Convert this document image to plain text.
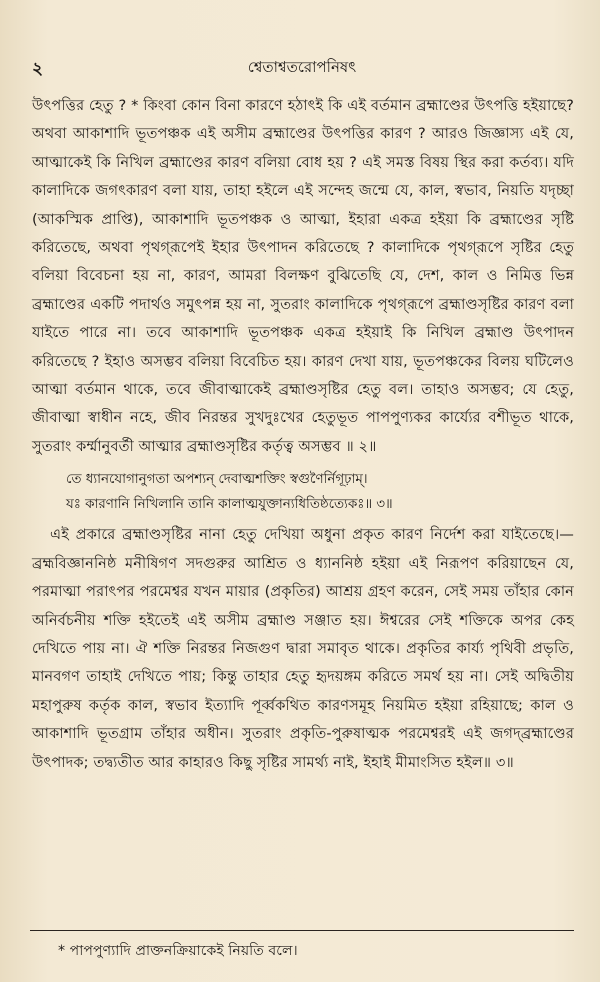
২	শ্বেতাশ্বতরোপনিষৎ

উৎপত্তির হেতু ? * কিংবা কোন বিনা কারণে হঠাৎই কি এই বর্তমান ব্রহ্মাণ্ডের উৎপত্তি হইয়াছে? অথবা আকাশাদি ভূতপঞ্চক এই অসীম ব্রহ্মাণ্ডের উৎপত্তির কারণ ? আরও জিজ্ঞাস্য এই যে, আত্মাকেই কি নিখিল ব্রহ্মাণ্ডের কারণ বলিয়া বোধ হয় ? এই সমস্ত বিষয় স্থির করা কর্তব্য। যদি কালাদিকে জগৎকারণ বলা যায়, তাহা হইলে এই সন্দেহ জন্মে যে, কাল, স্বভাব, নিয়তি যদৃচ্ছা (আকস্মিক প্রাপ্তি), আকাশাদি ভূতপঞ্চক ও আত্মা, ইহারা একত্র হইয়া কি ব্রহ্মাণ্ডের সৃষ্টি করিতেছে, অথবা পৃথগ্‌রূপেই ইহার উৎপাদন করিতেছে ? কালাদিকে পৃথগ্‌রূপে সৃষ্টির হেতু বলিয়া বিবেচনা হয় না, কারণ, আমরা বিলক্ষণ বুঝিতেছি যে, দেশ, কাল ও নিমিত্ত ভিন্ন ব্রহ্মাণ্ডের একটি পদার্থও সমুৎপন্ন হয় না, সুতরাং কালাদিকে পৃথগ্‌রূপে ব্রহ্মাণ্ডসৃষ্টির কারণ বলা যাইতে পারে না। তবে আকাশাদি ভূতপঞ্চক একত্র হইয়াই কি নিখিল ব্রহ্মাণ্ড উৎপাদন করিতেছে ? ইহাও অসম্ভব বলিয়া বিবেচিত হয়। কারণ দেখা যায়, ভূতপঞ্চকের বিলয় ঘটিলেও আত্মা বর্তমান থাকে, তবে জীবাত্মাকেই ব্রহ্মাণ্ডসৃষ্টির হেতু বল। তাহাও অসম্ভব; যে হেতু, জীবাত্মা স্বাধীন নহে, জীব নিরন্তর সুখদুঃখের হেতুভূত পাপপুণ্যকর কার্য্যের বশীভূত থাকে, সুতরাং কর্ম্মানুবর্তী আত্মার ব্রহ্মাণ্ডসৃষ্টির কর্তৃত্ব অসম্ভব ॥ ২॥

তে ধ্যানযোগানুগতা অপশ্যন্ দেবাত্মশক্তিং স্বগুণৈর্নিগূঢ়াম্।
যঃ কারণানি নিখিলানি তানি কালাত্মযুক্তান্যধিতিষ্ঠত্যেকঃ॥ ৩॥

এই প্রকারে ব্রহ্মাণ্ডসৃষ্টির নানা হেতু দেখিয়া অধুনা প্রকৃত কারণ নির্দেশ করা যাইতেছে।—ব্রহ্মবিজ্ঞাননিষ্ঠ মনীষিগণ সদগুরুর আশ্রিত ও ধ্যাননিষ্ঠ হইয়া এই নিরূপণ করিয়াছেন যে, পরমাত্মা পরাৎপর পরমেশ্বর যখন মায়ার (প্রকৃতির) আশ্রয় গ্রহণ করেন, সেই সময় তাঁহার কোন অনির্বচনীয় শক্তি হইতেই এই অসীম ব্রহ্মাণ্ড সঞ্জাত হয়। ঈশ্বরের সেই শক্তিকে অপর কেহ দেখিতে পায় না। ঐ শক্তি নিরন্তর নিজগুণ দ্বারা সমাবৃত থাকে। প্রকৃতির কার্য্য পৃথিবী প্রভৃতি, মানবগণ তাহাই দেখিতে পায়; কিন্তু তাহার হেতু হৃদয়ঙ্গম করিতে সমর্থ হয় না। সেই অদ্বিতীয় মহাপুরুষ কর্তৃক কাল, স্বভাব ইত্যাদি পূর্ব্বকথিত কারণসমূহ নিয়মিত হইয়া রহিয়াছে; কাল ও আকাশাদি ভূতগ্রাম তাঁহার অধীন। সুতরাং প্রকৃতি-পুরুষাত্মক পরমেশ্বরই এই জগদ্‌ব্রহ্মাণ্ডের উৎপাদক; তদ্ব্যতীত আর কাহারও কিছু সৃষ্টির সামর্থ্য নাই, ইহাই মীমাংসিত হইল॥ ৩॥

* পাপপুণ্যাদি প্রাক্তনক্রিয়াকেই নিয়তি বলে।
